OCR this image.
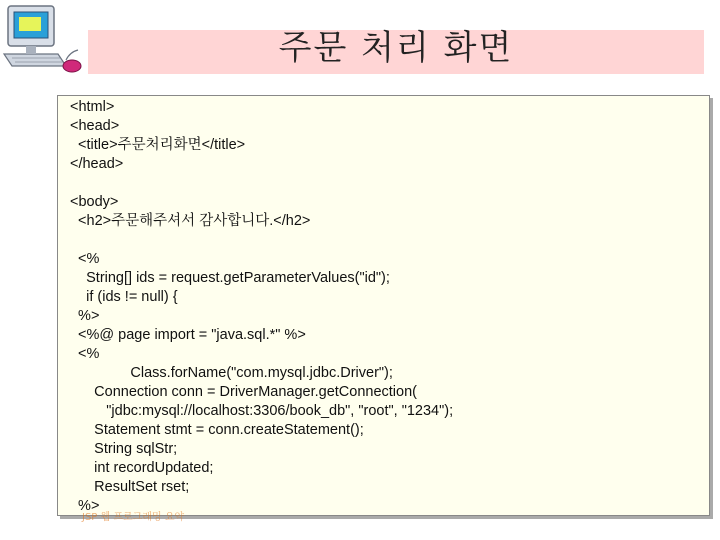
주문 처리 화면
<html>
<head>
<title>주문처리화면</title>
</head>
<body>
<h2>주문해주셔서 감사합니다.</h2>
<%
String[] ids = request.getParameterValues("id");
if (ids != null) {
%>
<%@ page import = "java.sql.*" %>
<%
Class.forName("com.mysql.jdbc.Driver");
Connection conn = DriverManager.getConnection(
"jdbc:mysql://localhost:3306/book_db", "root", "1234");
Statement stmt = conn.createStatement();
String sqlStr;
int recordUpdated;
ResultSet rset;
%>
JSP 웹 프로그래밍 요약
